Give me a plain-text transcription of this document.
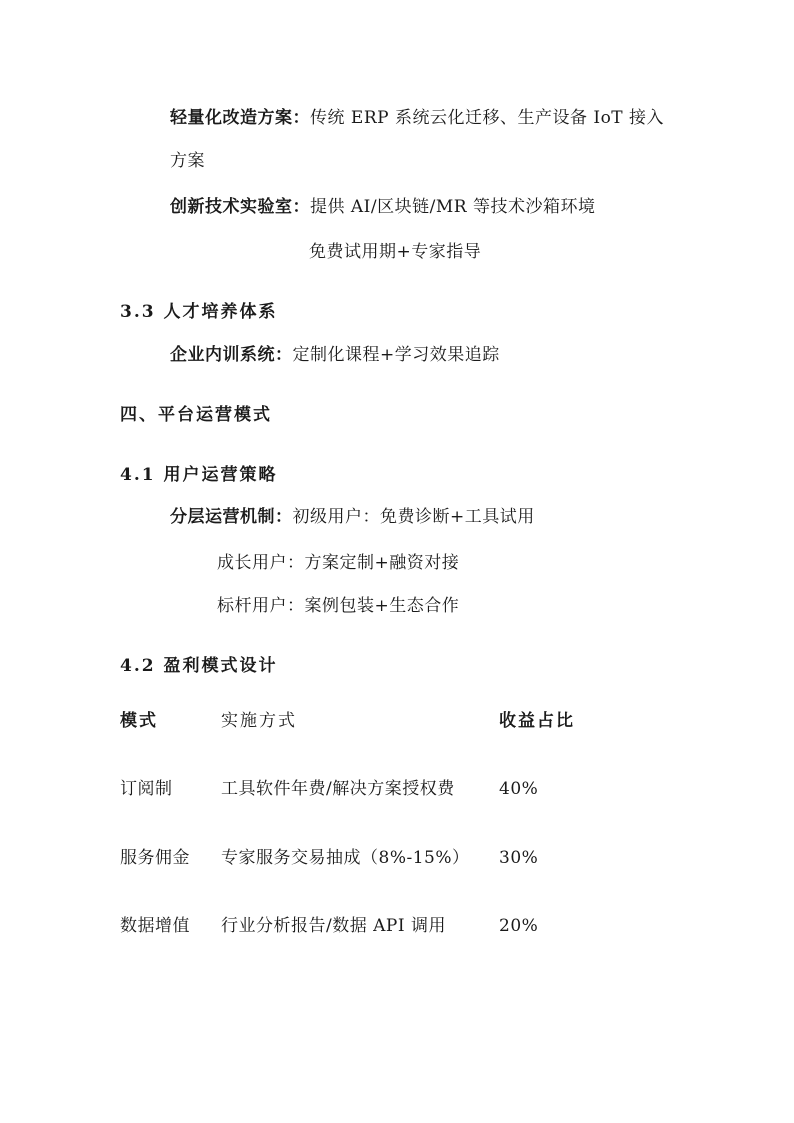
轻量化改造方案：传统 ERP 系统云化迁移、生产设备 IoT 接入
方案
创新技术实验室：提供 AI/区块链/MR 等技术沙箱环境
免费试用期+专家指导
3.3 人才培养体系
企业内训系统：定制化课程+学习效果追踪
四、平台运营模式
4.1 用户运营策略
分层运营机制：初级用户：免费诊断+工具试用
成长用户：方案定制+融资对接
标杆用户：案例包装+生态合作
4.2 盈利模式设计
模式	实施方式	收益占比
订阅制	工具软件年费/解决方案授权费	40%
服务佣金 专家服务交易抽成（8%-15%） 30%
数据增值 行业分析报告/数据 API 调用	20%
